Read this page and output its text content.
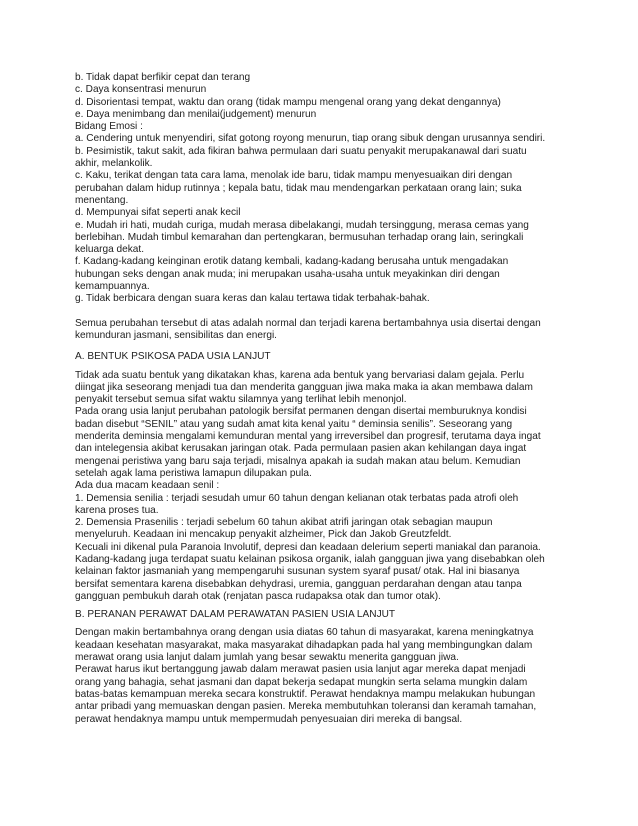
b. Tidak dapat berfikir cepat dan terang
c. Daya konsentrasi menurun
d. Disorientasi tempat, waktu dan orang (tidak mampu mengenal orang yang dekat dengannya)
e. Daya menimbang dan menilai(judgement) menurun
Bidang Emosi :
a. Cendering untuk menyendiri, sifat gotong royong menurun, tiap orang sibuk dengan urusannya sendiri.
b. Pesimistik, takut sakit, ada fikiran bahwa permulaan dari suatu penyakit merupakanawal dari suatu
akhir, melankolik.
c. Kaku, terikat dengan tata cara lama, menolak ide baru, tidak mampu menyesuaikan diri dengan
perubahan dalam hidup rutinnya ; kepala batu, tidak mau mendengarkan perkataan orang lain; suka
menentang.
d. Mempunyai sifat seperti anak kecil
e. Mudah iri hati, mudah curiga, mudah merasa dibelakangi, mudah tersinggung, merasa cemas yang
berlebihan. Mudah timbul kemarahan dan pertengkaran, bermusuhan terhadap orang lain, seringkali
keluarga dekat.
f. Kadang-kadang keinginan erotik datang kembali, kadang-kadang berusaha untuk mengadakan
hubungan seks dengan anak muda; ini merupakan usaha-usaha untuk meyakinkan diri dengan
kemampuannya.
g. Tidak berbicara dengan suara keras dan kalau tertawa tidak terbahak-bahak.
Semua perubahan tersebut di atas adalah normal dan terjadi karena bertambahnya usia disertai dengan
kemunduran jasmani, sensibilitas dan energi.
A. BENTUK PSIKOSA PADA USIA LANJUT
Tidak ada suatu bentuk yang dikatakan khas, karena ada bentuk yang bervariasi dalam gejala. Perlu
diingat jika seseorang menjadi tua dan menderita gangguan jiwa maka maka ia akan membawa dalam
penyakit tersebut semua sifat waktu silamnya yang terlihat lebih menonjol.
Pada orang usia lanjut perubahan patologik bersifat permanen dengan disertai memburuknya kondisi
badan disebut “SENIL” atau yang sudah amat kita kenal yaitu “ deminsia senilis”. Seseorang yang
menderita deminsia mengalami kemunduran mental yang irreversibel dan progresif, terutama daya ingat
dan intelegensia akibat kerusakan jaringan otak. Pada permulaan pasien akan kehilangan daya ingat
mengenai peristiwa yang baru saja terjadi, misalnya apakah ia sudah makan atau belum. Kemudian
setelah agak lama peristiwa lamapun dilupakan pula.
Ada dua macam keadaan senil :
1. Demensia senilia : terjadi sesudah umur 60 tahun dengan kelianan otak terbatas pada atrofi oleh
karena proses tua.
2. Demensia Prasenilis : terjadi sebelum 60 tahun akibat atrifi jaringan otak sebagian maupun
menyeluruh. Keadaan ini mencakup penyakit alzheimer, Pick dan Jakob Greutzfeldt.
Kecuali ini dikenal pula Paranoia Involutif, depresi dan keadaan delerium seperti maniakal dan paranoia.
Kadang-kadang juga terdapat suatu kelainan psikosa organik, ialah gangguan jiwa yang disebabkan oleh
kelainan faktor jasmaniah yang mempengaruhi susunan system syaraf pusat/ otak. Hal ini biasanya
bersifat sementara karena disebabkan dehydrasi, uremia, gangguan perdarahan dengan atau tanpa
gangguan pembukuh darah otak (renjatan pasca rudapaksa otak dan tumor otak).
B. PERANAN PERAWAT DALAM PERAWATAN PASIEN USIA LANJUT
Dengan makin bertambahnya orang dengan usia diatas 60 tahun di masyarakat, karena meningkatnya
keadaan kesehatan masyarakat, maka masyarakat dihadapkan pada hal yang membingungkan dalam
merawat orang usia lanjut dalam jumlah yang besar sewaktu menerita gangguan jiwa.
Perawat harus ikut bertanggung jawab dalam merawat pasien usia lanjut agar mereka dapat menjadi
orang yang bahagia, sehat jasmani dan dapat bekerja sedapat mungkin serta selama mungkin dalam
batas-batas kemampuan mereka secara konstruktif. Perawat hendaknya mampu melakukan hubungan
antar pribadi yang memuaskan dengan pasien. Mereka membutuhkan toleransi dan keramah tamahan,
perawat hendaknya mampu untuk mempermudah penyesuaian diri mereka di bangsal.
